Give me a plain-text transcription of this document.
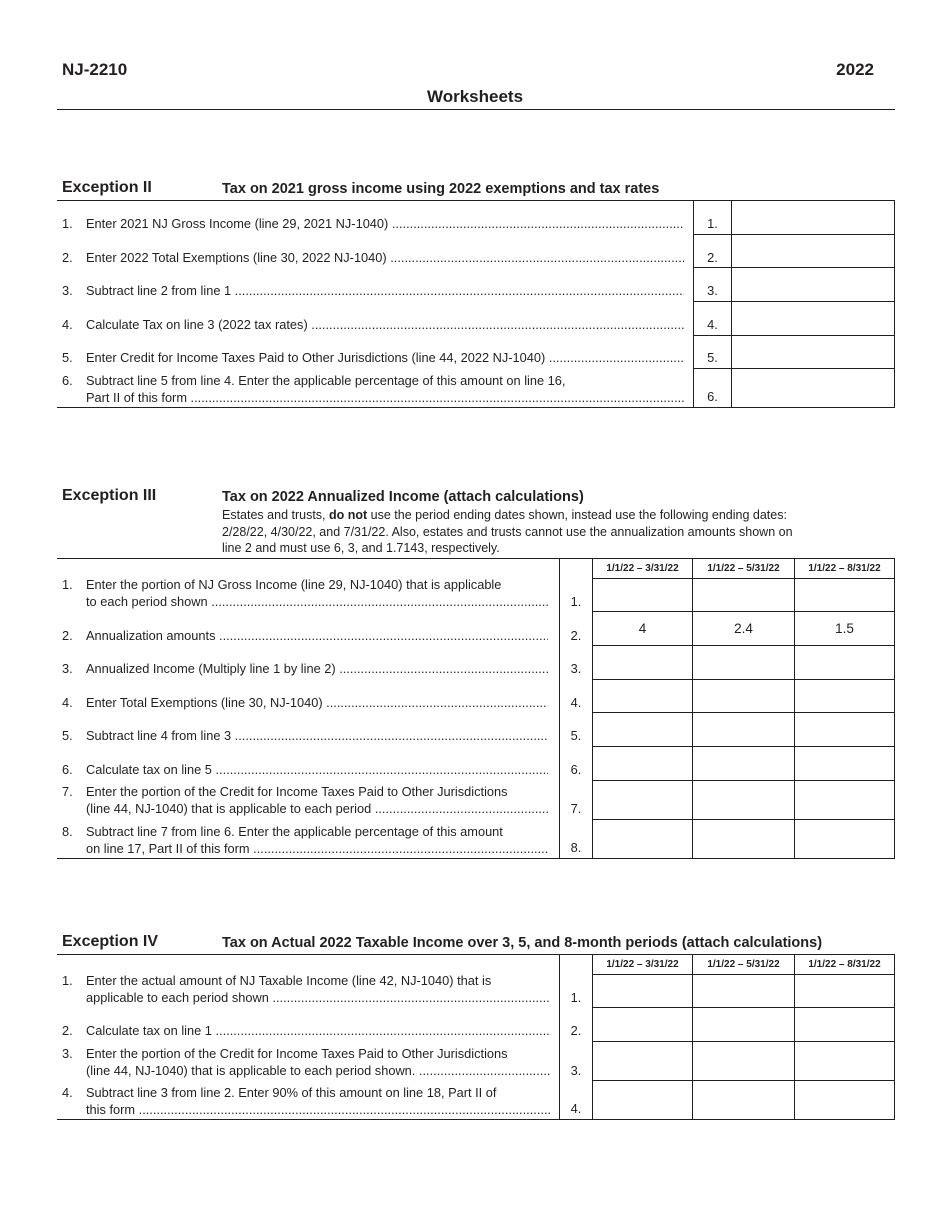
NJ-2210	2022
Worksheets
Exception II	Tax on 2021 gross income using 2022 exemptions and tax rates
1. Enter 2021 NJ Gross Income (line 29, 2021 NJ-1040) .....	1.
2. Enter 2022 Total Exemptions (line 30, 2022 NJ-1040) .....	2.
3. Subtract line 2 from line 1 .....	3.
4. Calculate Tax on line 3 (2022 tax rates) .....	4.
5. Enter Credit for Income Taxes Paid to Other Jurisdictions (line 44, 2022 NJ-1040) .....	5.
6. Subtract line 5 from line 4. Enter the applicable percentage of this amount on line 16,
Part II of this form .....	6.
Exception III	Tax on 2022 Annualized Income (attach calculations)
Estates and trusts, do not use the period ending dates shown, instead use the following ending dates: 2/28/22, 4/30/22, and 7/31/22. Also, estates and trusts cannot use the annualization amounts shown on line 2 and must use 6, 3, and 1.7143, respectively.
1/1/22 – 3/31/22	1/1/22 – 5/31/22	1/1/22 – 8/31/22
1. Enter the portion of NJ Gross Income (line 29, NJ-1040) that is applicable
to each period shown .....	1.
2. Annualization amounts .....	2.	4	2.4	1.5
3. Annualized Income (Multiply line 1 by line 2) .....	3.
4. Enter Total Exemptions (line 30, NJ-1040) .....	4.
5. Subtract line 4 from line 3 .....	5.
6. Calculate tax on line 5 .....	6.
7. Enter the portion of the Credit for Income Taxes Paid to Other Jurisdictions
(line 44, NJ-1040) that is applicable to each period .....	7.
8. Subtract line 7 from line 6. Enter the applicable percentage of this amount
on line 17, Part II of this form .....	8.
Exception IV	Tax on Actual 2022 Taxable Income over 3, 5, and 8-month periods (attach calculations)
1/1/22 – 3/31/22	1/1/22 – 5/31/22	1/1/22 – 8/31/22
1. Enter the actual amount of NJ Taxable Income (line 42, NJ-1040) that is
applicable to each period shown .....	1.
2. Calculate tax on line 1 .....	2.
3. Enter the portion of the Credit for Income Taxes Paid to Other Jurisdictions
(line 44, NJ-1040) that is applicable to each period shown. .....	3.
4. Subtract line 3 from line 2. Enter 90% of this amount on line 18, Part II of
this form .....	4.
